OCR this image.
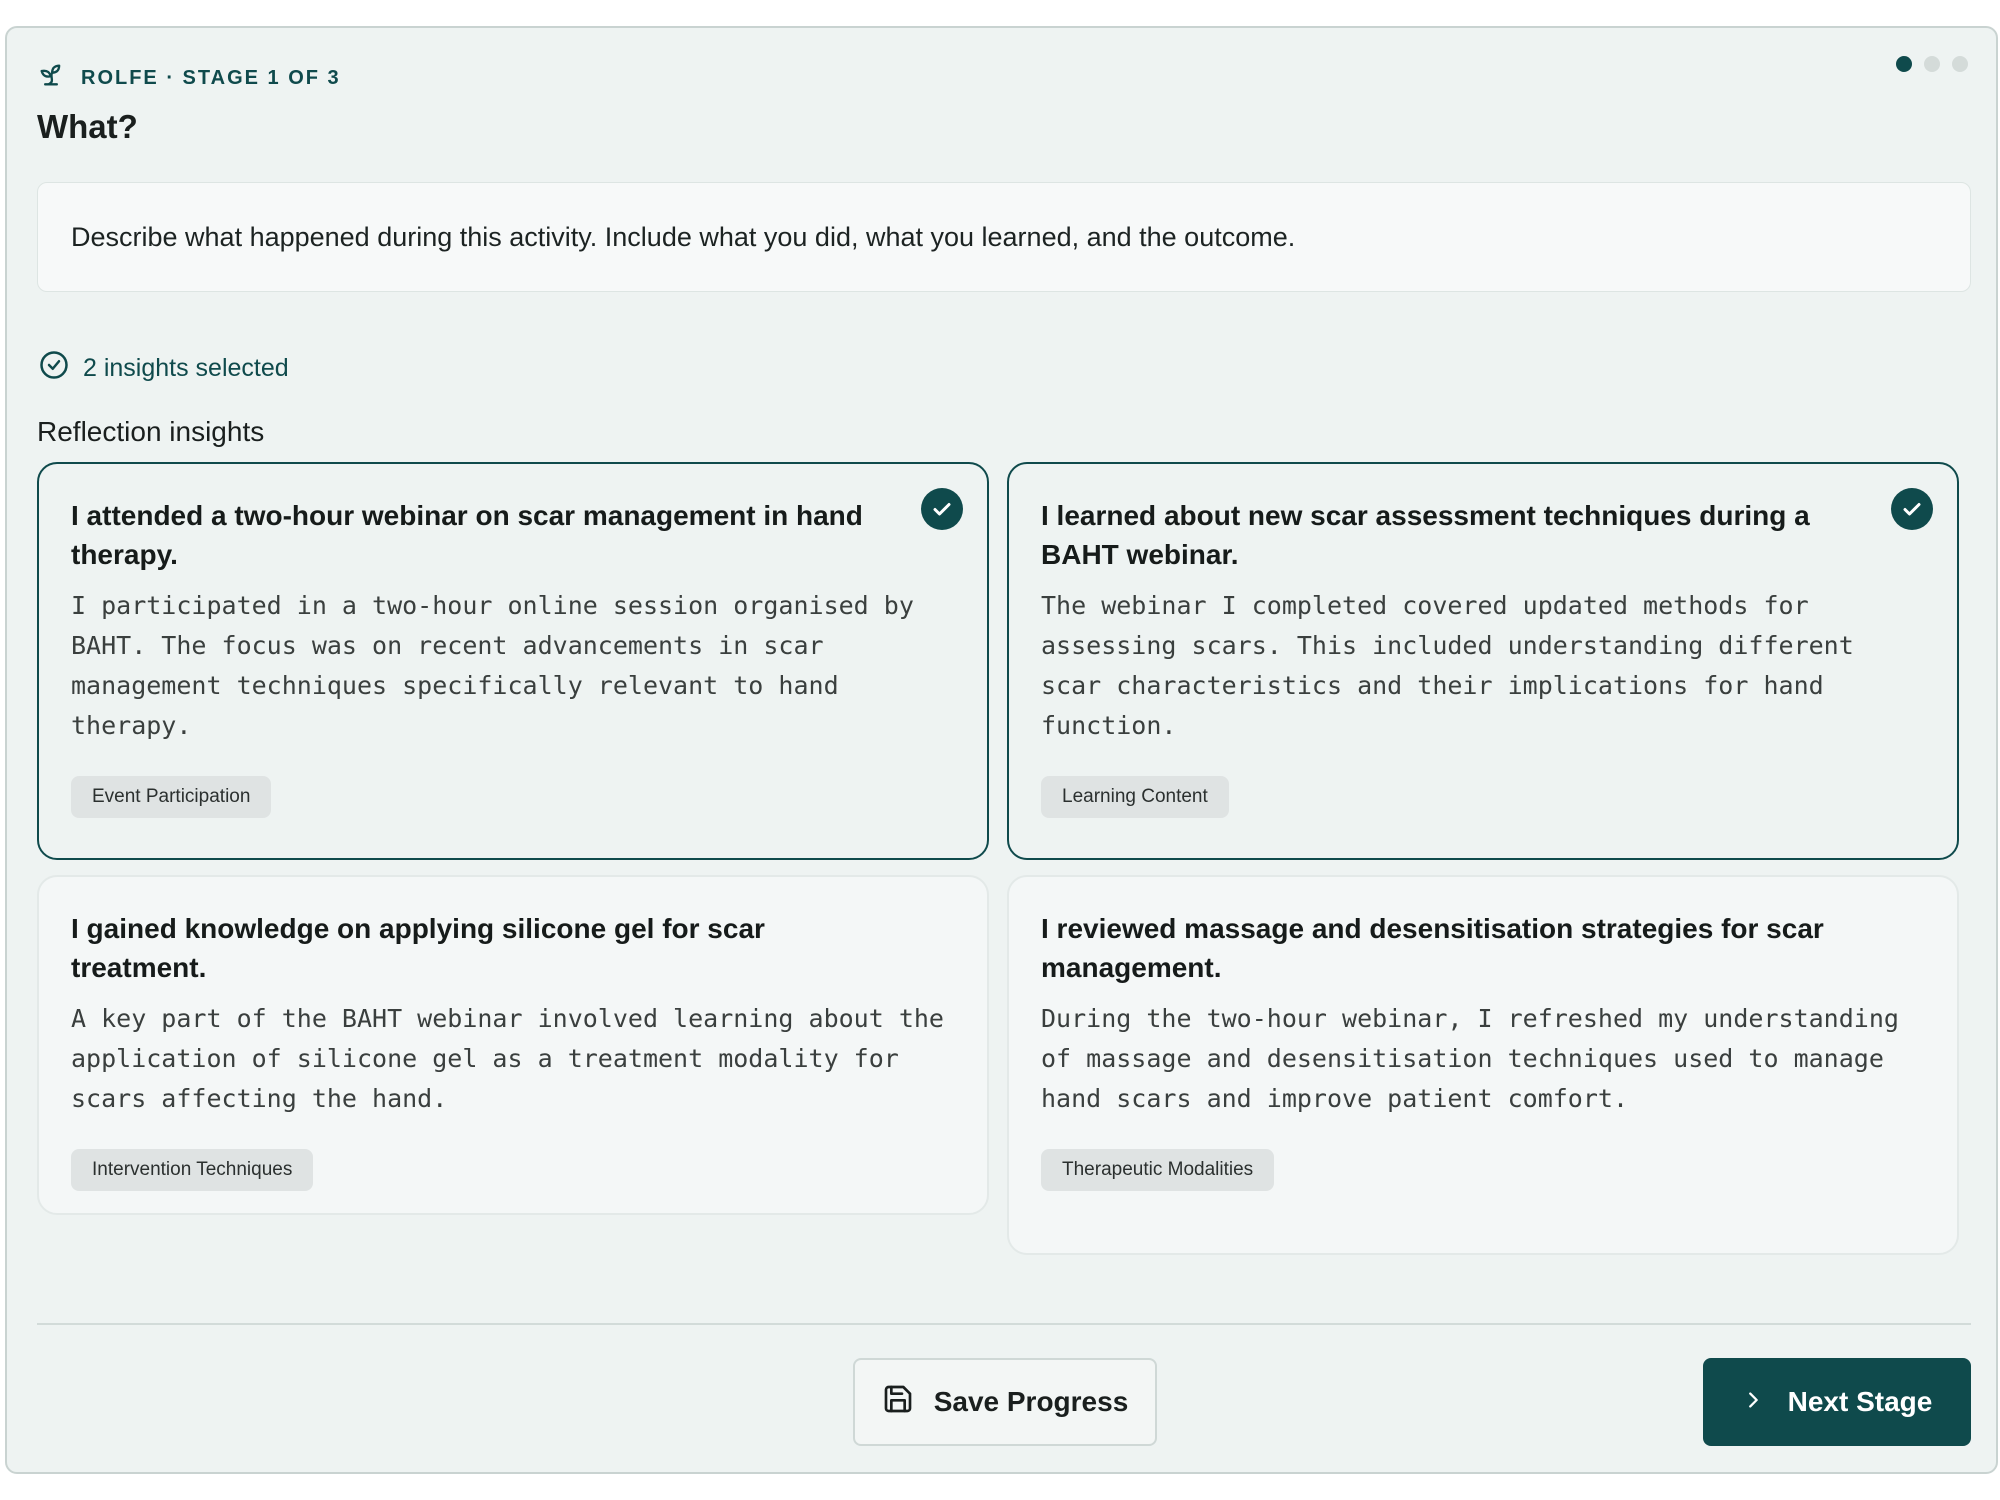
ROLFE · STAGE 1 OF 3
What?
Describe what happened during this activity. Include what you did, what you learned, and the outcome.
2 insights selected
Reflection insights
I attended a two-hour webinar on scar management in hand therapy.
I participated in a two-hour online session organised by BAHT. The focus was on recent advancements in scar management techniques specifically relevant to hand therapy.
Event Participation
I learned about new scar assessment techniques during a BAHT webinar.
The webinar I completed covered updated methods for assessing scars. This included understanding different scar characteristics and their implications for hand function.
Learning Content
I gained knowledge on applying silicone gel for scar treatment.
A key part of the BAHT webinar involved learning about the application of silicone gel as a treatment modality for scars affecting the hand.
Intervention Techniques
I reviewed massage and desensitisation strategies for scar management.
During the two-hour webinar, I refreshed my understanding of massage and desensitisation techniques used to manage hand scars and improve patient comfort.
Therapeutic Modalities
Save Progress	Next Stage
